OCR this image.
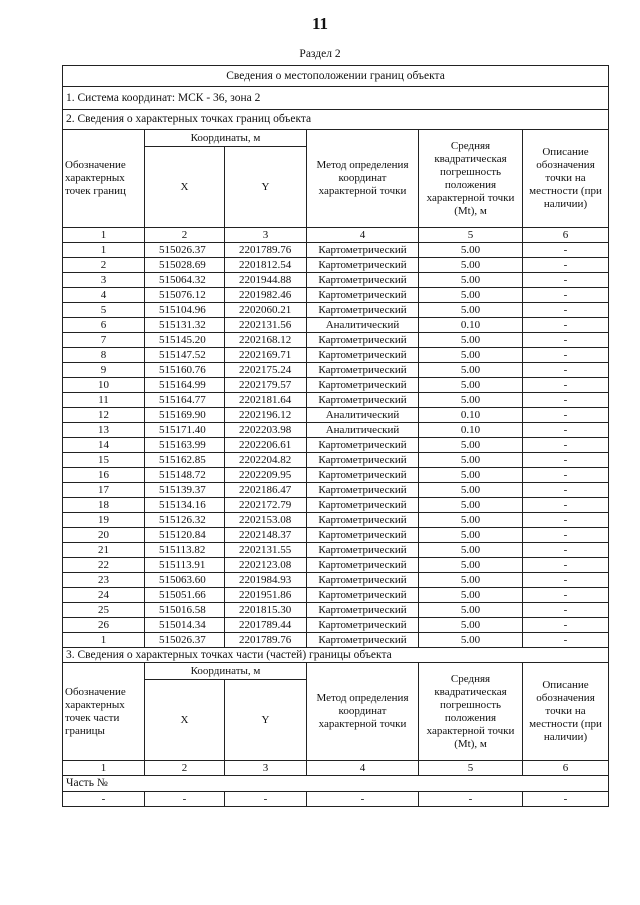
11
Раздел 2
Сведения о местоположении границ объекта					
1. Система координат: МСК - 36, зона 2					
2. Сведения о характерных точках границ объекта					
Обозначение характерных точек границ	Координаты, м		Метод определения координат характерной точки	Средняя квадратическая погрешность положения характерной точки (Mt), м	Описание обозначения точки на местности (при наличии)
	X	Y			
1	2	3	4	5	6
1	515026.37	2201789.76	Картометрический	5.00	-
2	515028.69	2201812.54	Картометрический	5.00	-
3	515064.32	2201944.88	Картометрический	5.00	-
4	515076.12	2201982.46	Картометрический	5.00	-
5	515104.96	2202060.21	Картометрический	5.00	-
6	515131.32	2202131.56	Аналитический	0.10	-
7	515145.20	2202168.12	Картометрический	5.00	-
8	515147.52	2202169.71	Картометрический	5.00	-
9	515160.76	2202175.24	Картометрический	5.00	-
10	515164.99	2202179.57	Картометрический	5.00	-
11	515164.77	2202181.64	Картометрический	5.00	-
12	515169.90	2202196.12	Аналитический	0.10	-
13	515171.40	2202203.98	Аналитический	0.10	-
14	515163.99	2202206.61	Картометрический	5.00	-
15	515162.85	2202204.82	Картометрический	5.00	-
16	515148.72	2202209.95	Картометрический	5.00	-
17	515139.37	2202186.47	Картометрический	5.00	-
18	515134.16	2202172.79	Картометрический	5.00	-
19	515126.32	2202153.08	Картометрический	5.00	-
20	515120.84	2202148.37	Картометрический	5.00	-
21	515113.82	2202131.55	Картометрический	5.00	-
22	515113.91	2202123.08	Картометрический	5.00	-
23	515063.60	2201984.93	Картометрический	5.00	-
24	515051.66	2201951.86	Картометрический	5.00	-
25	515016.58	2201815.30	Картометрический	5.00	-
26	515014.34	2201789.44	Картометрический	5.00	-
1	515026.37	2201789.76	Картометрический	5.00	-
3. Сведения о характерных точках части (частей) границы объекта					
Обозначение характерных точек части границы	Координаты, м		Метод определения координат характерной точки	Средняя квадратическая погрешность положения характерной точки (Mt), м	Описание обозначения точки на местности (при наличии)
	X	Y			
1	2	3	4	5	6
Часть №					
-	-	-	-	-	-
